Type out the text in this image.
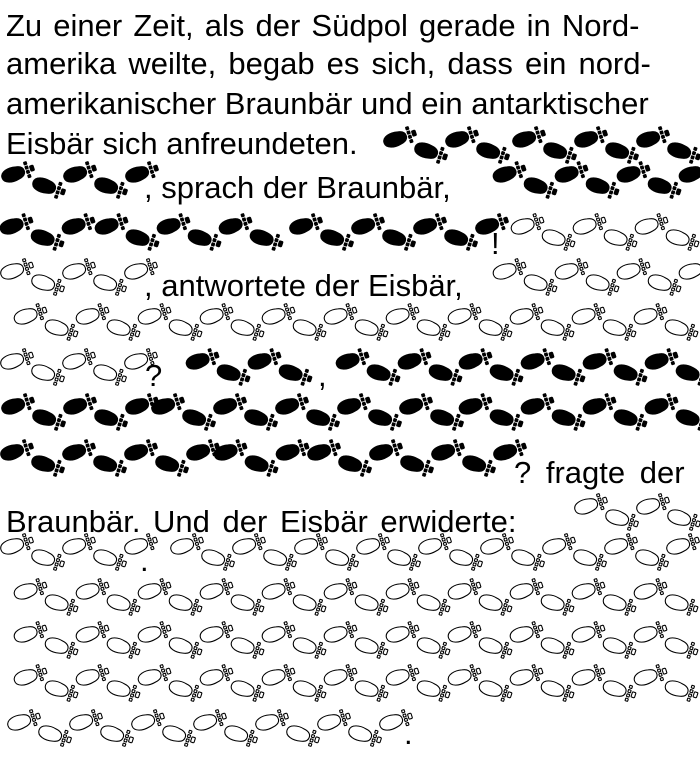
Zu einer Zeit, als der Südpol gerade in Nord-

amerika weilte, begab es sich, dass ein nord-

amerikanischer Braunbär und ein antarktischer

Eisbär sich anfreundeten.

, sprach der Braunbär,

!

, antwortete der Eisbär,

?	,

? fragte der

Braunbär. Und der Eisbär erwiderte:

.

.
